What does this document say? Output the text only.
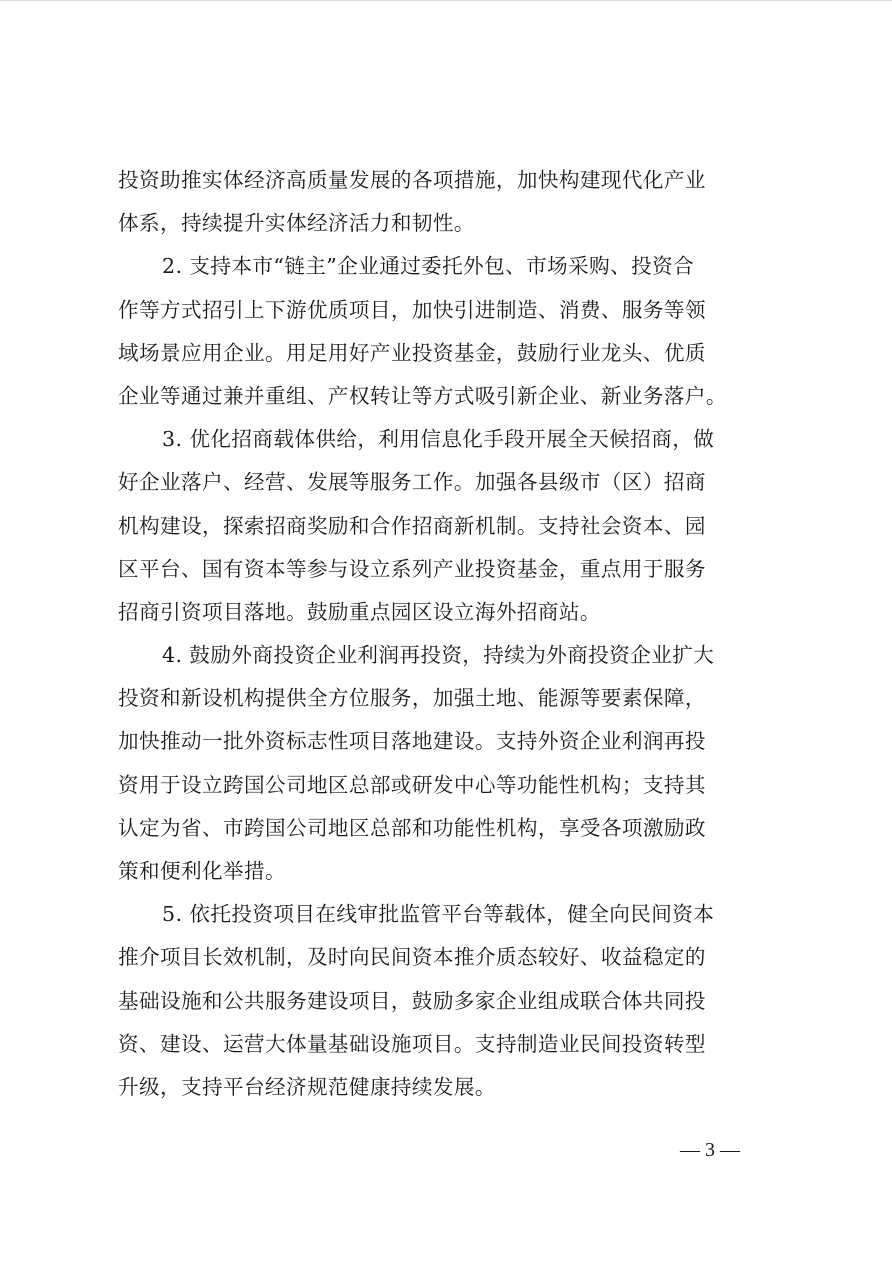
投资助推实体经济高质量发展的各项措施，加快构建现代化产业
体系，持续提升实体经济活力和韧性。
2. 支持本市“链主”企业通过委托外包、市场采购、投资合
作等方式招引上下游优质项目，加快引进制造、消费、服务等领
域场景应用企业。用足用好产业投资基金，鼓励行业龙头、优质
企业等通过兼并重组、产权转让等方式吸引新企业、新业务落户。
3. 优化招商载体供给，利用信息化手段开展全天候招商，做
好企业落户、经营、发展等服务工作。加强各县级市（区）招商
机构建设，探索招商奖励和合作招商新机制。支持社会资本、园
区平台、国有资本等参与设立系列产业投资基金，重点用于服务
招商引资项目落地。鼓励重点园区设立海外招商站。
4. 鼓励外商投资企业利润再投资，持续为外商投资企业扩大
投资和新设机构提供全方位服务，加强土地、能源等要素保障，
加快推动一批外资标志性项目落地建设。支持外资企业利润再投
资用于设立跨国公司地区总部或研发中心等功能性机构；支持其
认定为省、市跨国公司地区总部和功能性机构，享受各项激励政
策和便利化举措。
5. 依托投资项目在线审批监管平台等载体，健全向民间资本
推介项目长效机制，及时向民间资本推介质态较好、收益稳定的
基础设施和公共服务建设项目，鼓励多家企业组成联合体共同投
资、建设、运营大体量基础设施项目。支持制造业民间投资转型
升级，支持平台经济规范健康持续发展。
— 3 —
